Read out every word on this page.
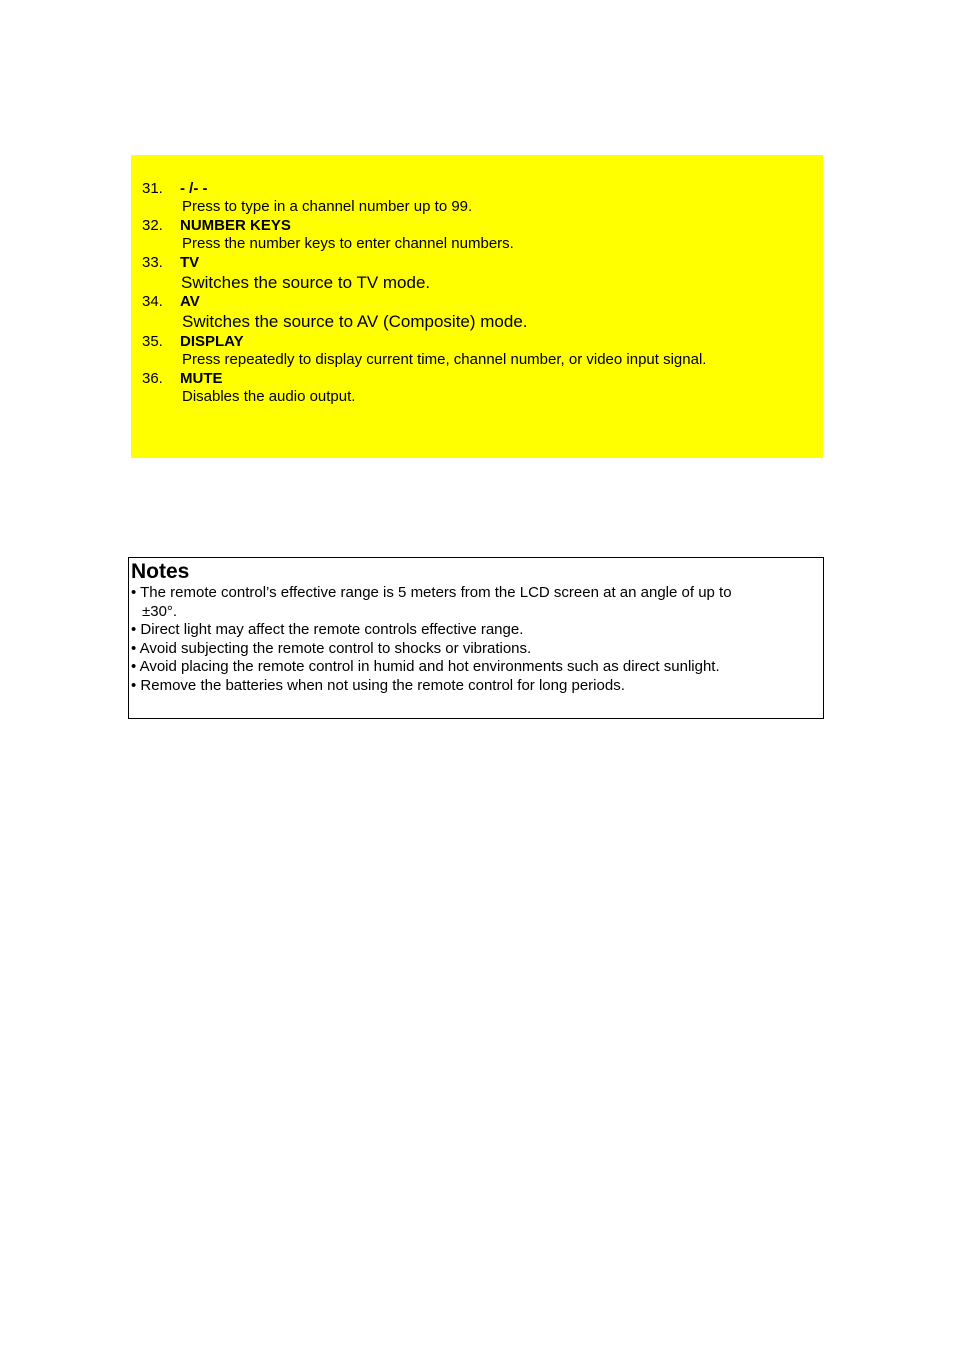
31. - /- -
Press to type in a channel number up to 99.
32. NUMBER KEYS
Press the number keys to enter channel numbers.
33. TV
Switches the source to TV mode.
34. AV
Switches the source to AV (Composite) mode.
35. DISPLAY
Press repeatedly to display current time, channel number, or video input signal.
36. MUTE
Disables the audio output.
Notes
• The remote control’s effective range is 5 meters from the LCD screen at an angle of up to
±30°.
• Direct light may affect the remote controls effective range.
• Avoid subjecting the remote control to shocks or vibrations.
• Avoid placing the remote control in humid and hot environments such as direct sunlight.
• Remove the batteries when not using the remote control for long periods.
